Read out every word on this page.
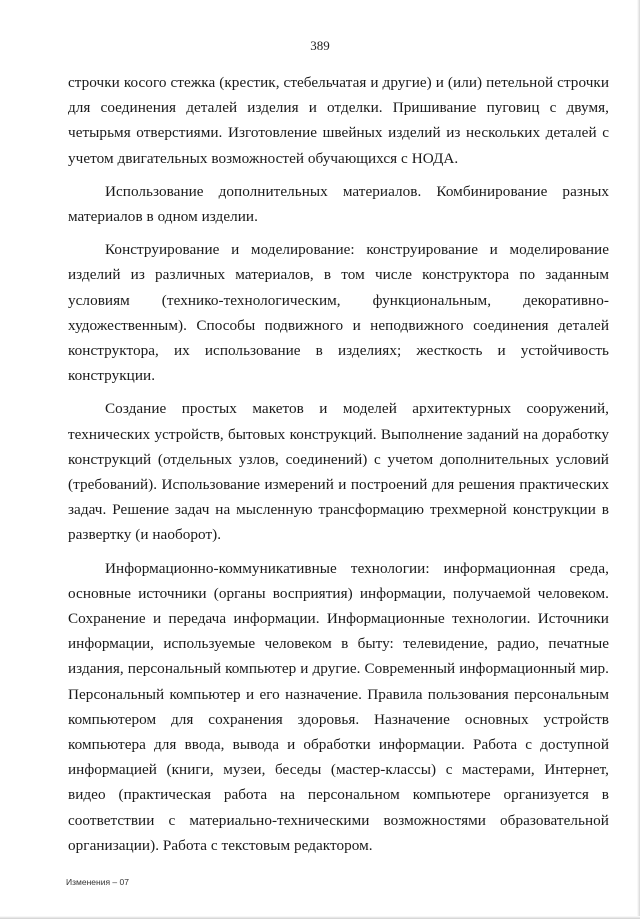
389

строчки косого стежка (крестик, стебельчатая и другие) и (или) петельной строчки для соединения деталей изделия и отделки. Пришивание пуговиц с двумя, четырьмя отверстиями. Изготовление швейных изделий из нескольких деталей с учетом двигательных возможностей обучающихся с НОДА.

Использование дополнительных материалов. Комбинирование разных материалов в одном изделии.

Конструирование и моделирование: конструирование и моделирование изделий из различных материалов, в том числе конструктора по заданным условиям (технико-технологическим, функциональным, декоративно-художественным). Способы подвижного и неподвижного соединения деталей конструктора, их использование в изделиях; жесткость и устойчивость конструкции.

Создание простых макетов и моделей архитектурных сооружений, технических устройств, бытовых конструкций. Выполнение заданий на доработку конструкций (отдельных узлов, соединений) с учетом дополнительных условий (требований). Использование измерений и построений для решения практических задач. Решение задач на мысленную трансформацию трехмерной конструкции в развертку (и наоборот).

Информационно-коммуникативные технологии: информационная среда, основные источники (органы восприятия) информации, получаемой человеком. Сохранение и передача информации. Информационные технологии. Источники информации, используемые человеком в быту: телевидение, радио, печатные издания, персональный компьютер и другие. Современный информационный мир. Персональный компьютер и его назначение. Правила пользования персональным компьютером для сохранения здоровья. Назначение основных устройств компьютера для ввода, вывода и обработки информации. Работа с доступной информацией (книги, музеи, беседы (мастер-классы) с мастерами, Интернет, видео (практическая работа на персональном компьютере организуется в соответствии с материально-техническими возможностями образовательной организации). Работа с текстовым редактором.

Изменения – 07
